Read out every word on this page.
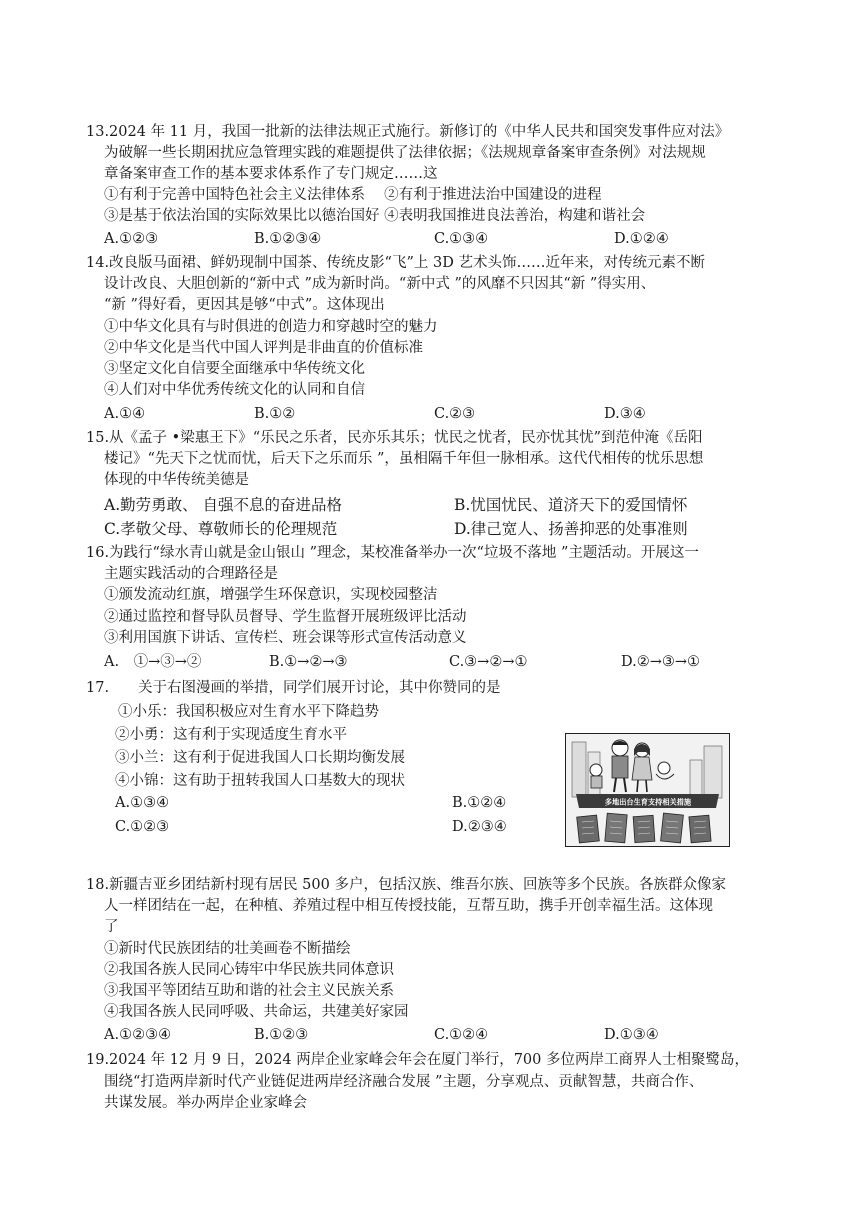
13.2024 年 11 月，我国一批新的法律法规正式施行。新修订的《中华人民共和国突发事件应对法》
为破解一些长期困扰应急管理实践的难题提供了法律依据；《法规规章备案审查条例》对法规规
章备案审查工作的基本要求体系作了专门规定……这
①有利于完善中国特色社会主义法律体系　 ②有利于推进法治中国建设的进程
③是基于依法治国的实际效果比以德治国好 ④表明我国推进良法善治，构建和谐社会
A.①②③	B.①②③④	C.①③④	D.①②④
14.改良版马面裙、鲜奶现制中国茶、传统皮影“飞”上 3D 艺术头饰……近年来，对传统元素不断
设计改良、大胆创新的“新中式 ”成为新时尚。“新中式 ”的风靡不只因其“新 ”得实用、
“新 ”得好看，更因其是够“中式”。这体现出
①中华文化具有与时俱进的创造力和穿越时空的魅力
②中华文化是当代中国人评判是非曲直的价值标准
③坚定文化自信要全面继承中华传统文化
④人们对中华优秀传统文化的认同和自信
A.①④	B.①②	C.②③	D.③④
15.从《孟子 •梁惠王下》“乐民之乐者，民亦乐其乐；忧民之忧者，民亦忧其忧”到范仲淹《岳阳
楼记》“先天下之忧而忧，后天下之乐而乐 ”，虽相隔千年但一脉相承。这代代相传的忧乐思想
体现的中华传统美德是
A.勤劳勇敢、 自强不息的奋进品格	B.忧国忧民、道济天下的爱国情怀
C.孝敬父母、尊敬师长的伦理规范	D.律己宽人、扬善抑恶的处事准则
16.为践行“绿水青山就是金山银山 ”理念，某校准备举办一次“垃圾不落地 ”主题活动。开展这一
主题实践活动的合理路径是
①颁发流动红旗，增强学生环保意识，实现校园整洁
②通过监控和督导队员督导、学生监督开展班级评比活动
③利用国旗下讲话、宣传栏、班会课等形式宣传活动意义
A.　①→③→②	B.①→②→③	C.③→②→①	D.②→③→①
17.　　关于右图漫画的举措，同学们展开讨论，其中你赞同的是
①小乐：我国积极应对生育水平下降趋势
②小勇：这有利于实现适度生育水平
③小兰：这有利于促进我国人口长期均衡发展
④小锦：这有助于扭转我国人口基数大的现状
A.①③④	B.①②④
C.①②③	D.②③④
多地出台生育支持相关措施
18.新疆吉亚乡团结新村现有居民 500 多户，包括汉族、维吾尔族、回族等多个民族。各族群众像家
人一样团结在一起，在种植、养殖过程中相互传授技能，互帮互助，携手开创幸福生活。这体现
了
①新时代民族团结的壮美画卷不断描绘
②我国各族人民同心铸牢中华民族共同体意识
③我国平等团结互助和谐的社会主义民族关系
④我国各族人民同呼吸、共命运，共建美好家园
A.①②③④	B.①②③	C.①②④	D.①③④
19.2024 年 12 月 9 日，2024 两岸企业家峰会年会在厦门举行，700 多位两岸工商界人士相聚鹭岛，
围绕“打造两岸新时代产业链促进两岸经济融合发展 ”主题，分享观点、贡献智慧，共商合作、
共谋发展。举办两岸企业家峰会
